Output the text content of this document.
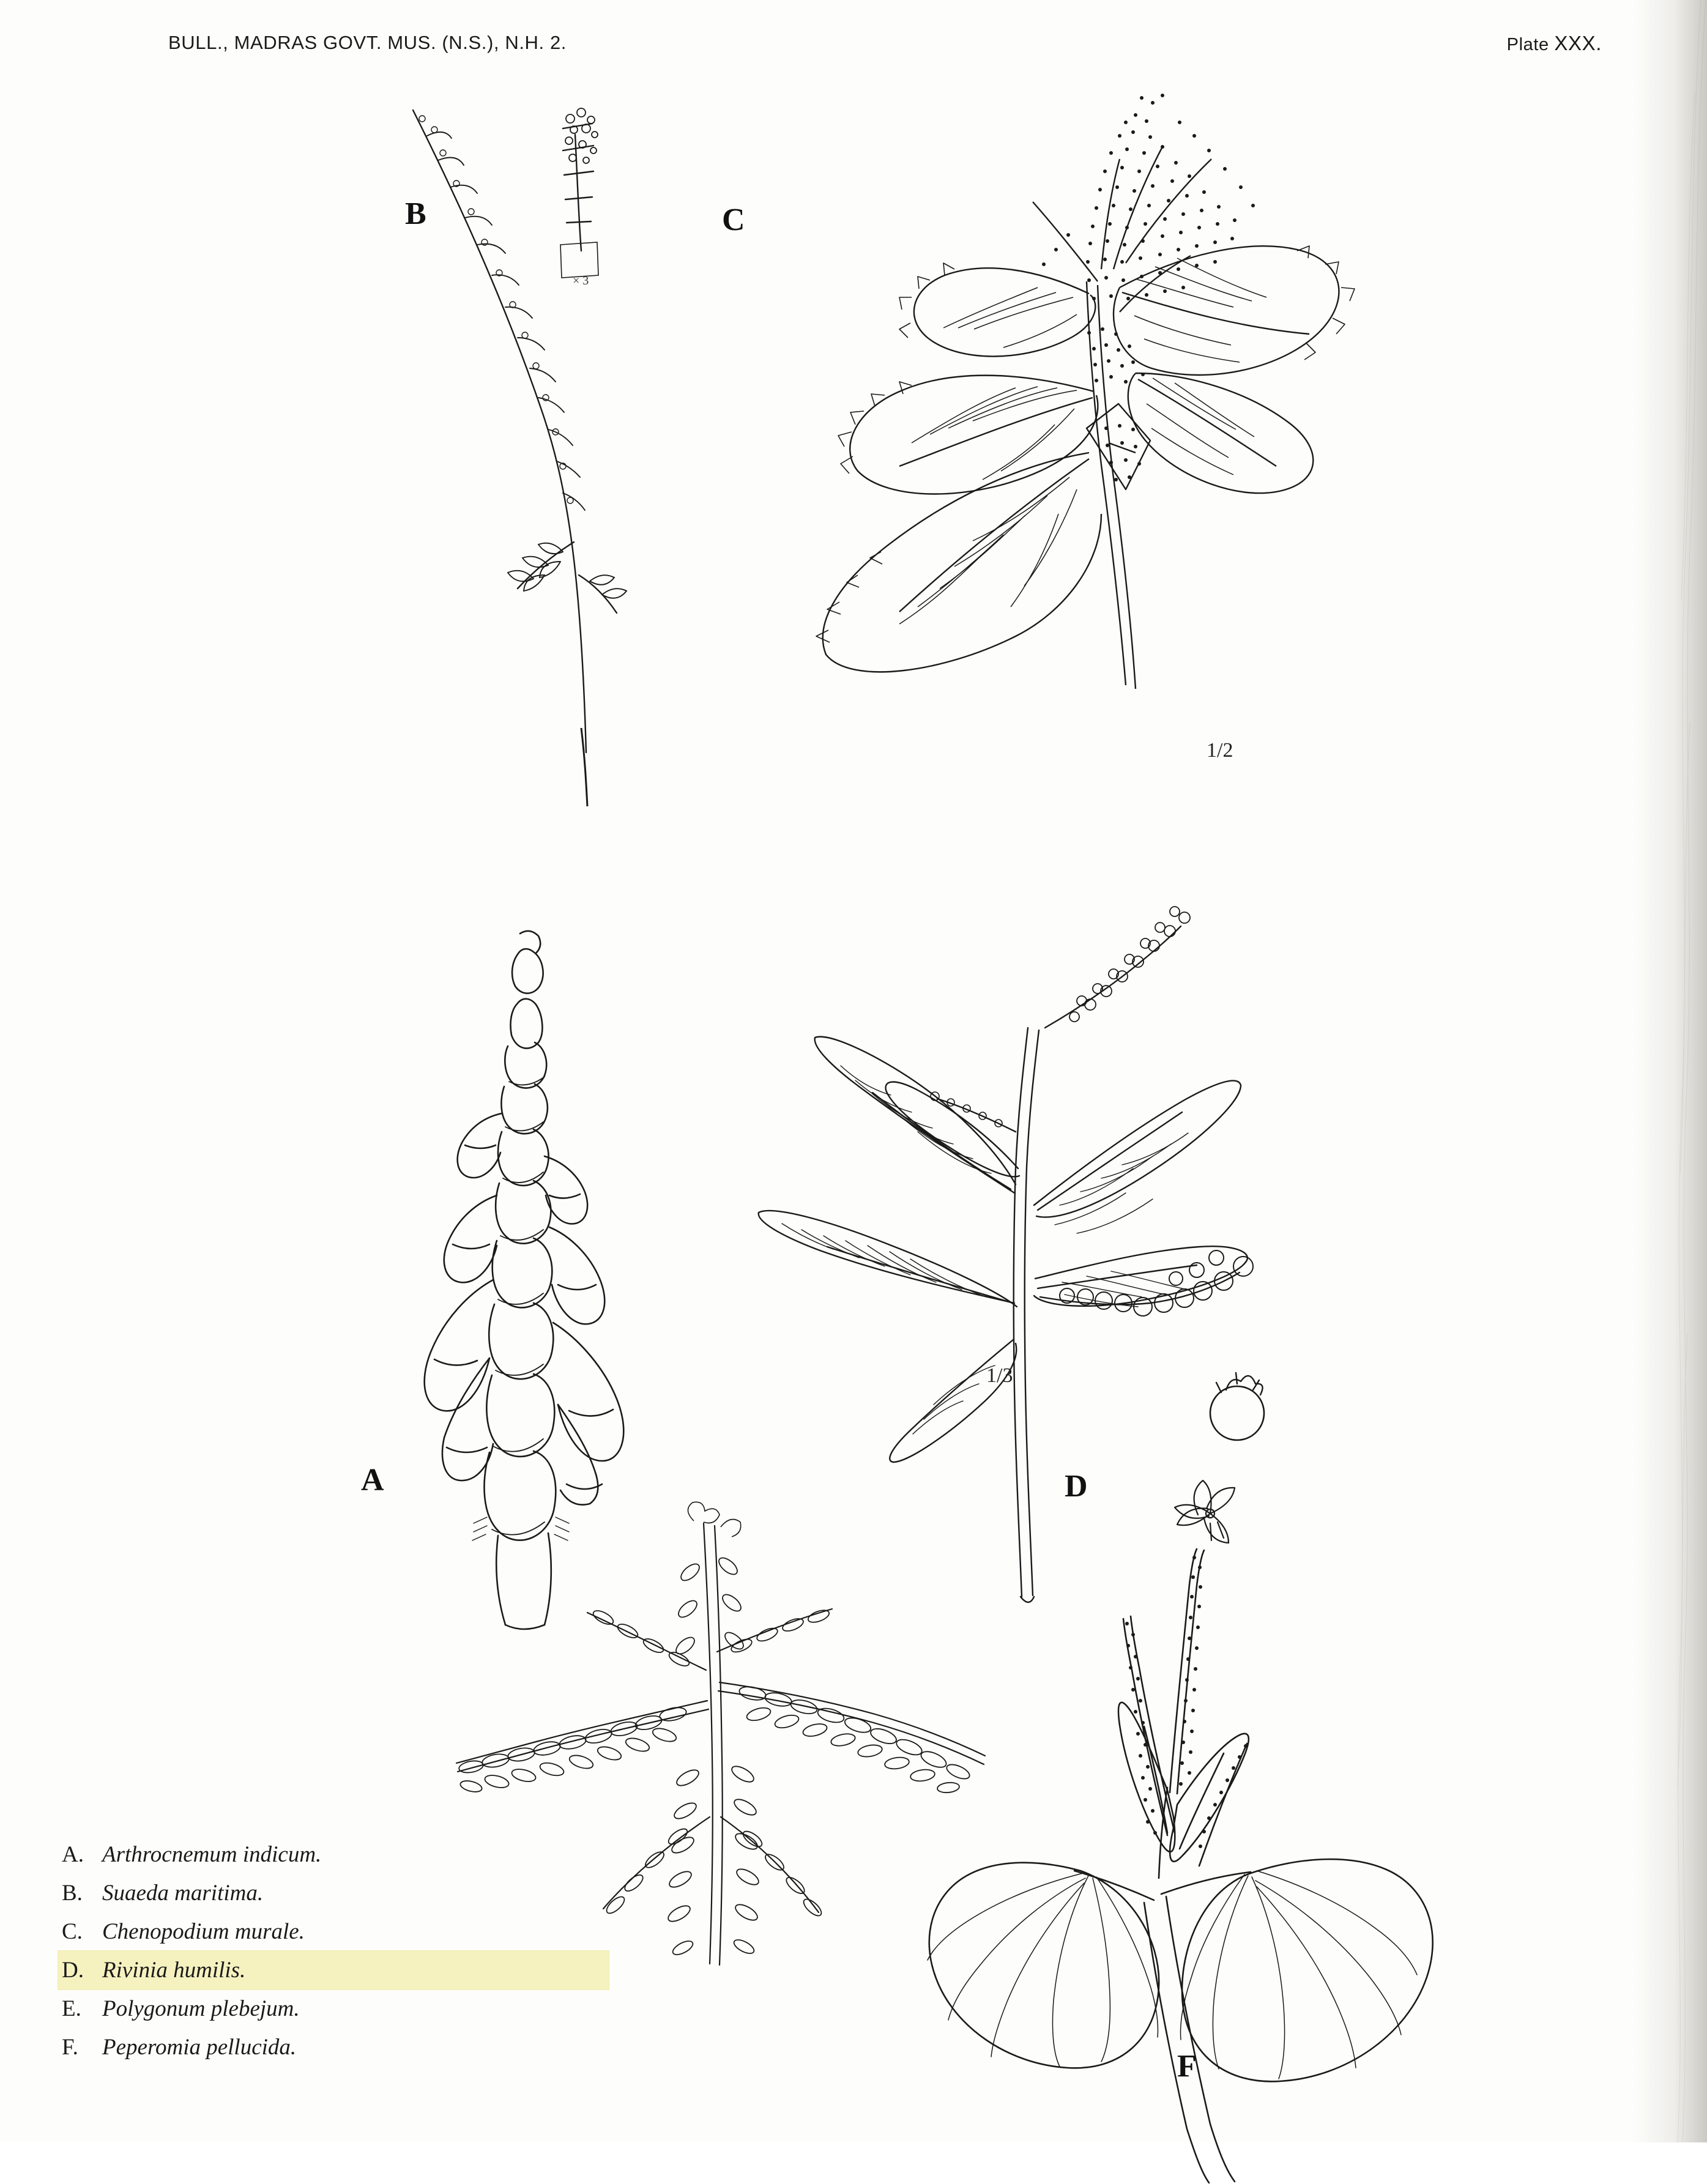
BULL., MADRAS GOVT. MUS. (N.S.), N.H. 2.	Plate XXX.
B
× 3
C
1/2
A	D
1/3
F
A. Arthrocnemum indicum.
B. Suaeda maritima.
C. Chenopodium murale.
D. Rivinia humilis.
E. Polygonum plebejum.
F.	Peperomia pellucida.
